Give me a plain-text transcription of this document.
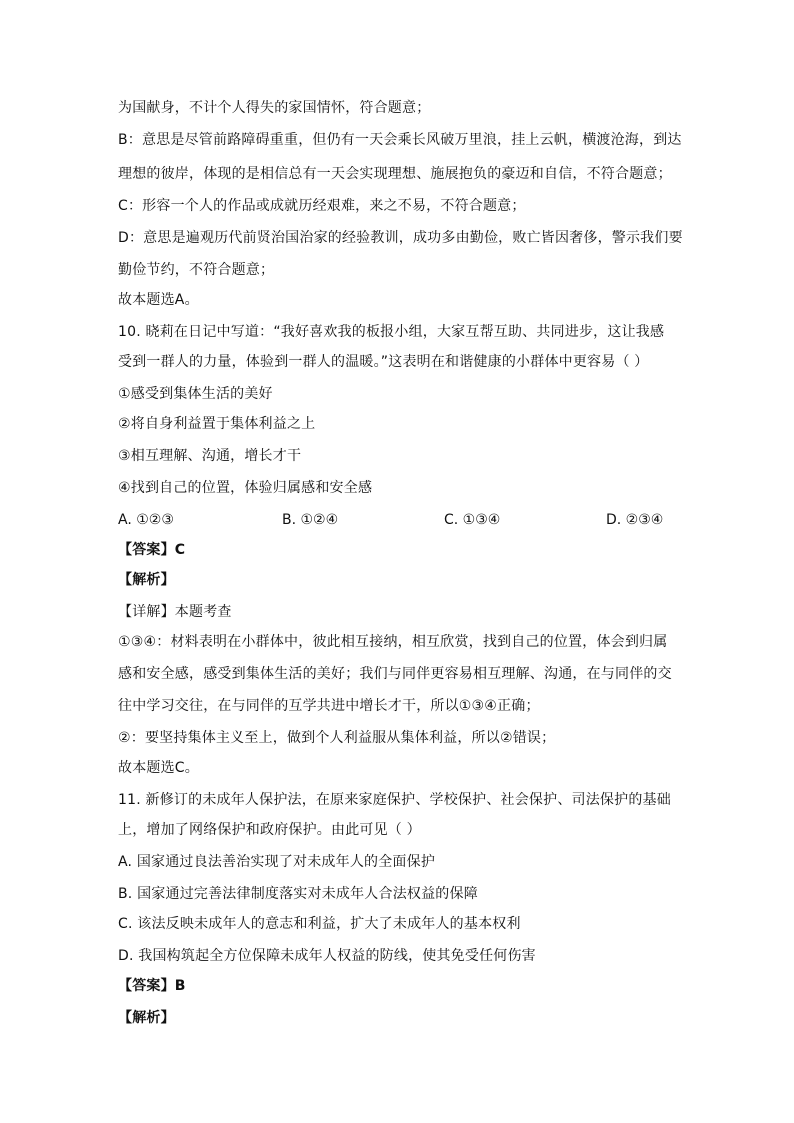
为国献身，不计个人得失的家国情怀，符合题意；
B：意思是尽管前路障碍重重，但仍有一天会乘长风破万里浪，挂上云帆，横渡沧海，到达
理想的彼岸，体现的是相信总有一天会实现理想、施展抱负的豪迈和自信，不符合题意；
C：形容一个人的作品或成就历经艰难，来之不易，不符合题意；
D：意思是遍观历代前贤治国治家的经验教训，成功多由勤俭，败亡皆因奢侈，警示我们要
勤俭节约，不符合题意；
故本题选A。
10. 晓莉在日记中写道：“我好喜欢我的板报小组，大家互帮互助、共同进步，这让我感
受到一群人的力量，体验到一群人的温暖。”这表明在和谐健康的小群体中更容易（ ）
①感受到集体生活的美好
②将自身利益置于集体利益之上
③相互理解、沟通，增长才干
④找到自己的位置，体验归属感和安全感
A. ①②③	B. ①②④	C. ①③④	D. ②③④
【答案】C
【解析】
【详解】本题考查
①③④：材料表明在小群体中，彼此相互接纳，相互欣赏，找到自己的位置，体会到归属
感和安全感，感受到集体生活的美好；我们与同伴更容易相互理解、沟通，在与同伴的交
往中学习交往，在与同伴的互学共进中增长才干，所以①③④正确；
②：要坚持集体主义至上，做到个人利益服从集体利益，所以②错误；
故本题选C。
11. 新修订的未成年人保护法，在原来家庭保护、学校保护、社会保护、司法保护的基础
上，增加了网络保护和政府保护。由此可见（ ）
A. 国家通过良法善治实现了对未成年人的全面保护
B. 国家通过完善法律制度落实对未成年人合法权益的保障
C. 该法反映未成年人的意志和利益，扩大了未成年人的基本权利
D. 我国构筑起全方位保障未成年人权益的防线，使其免受任何伤害
【答案】B
【解析】
